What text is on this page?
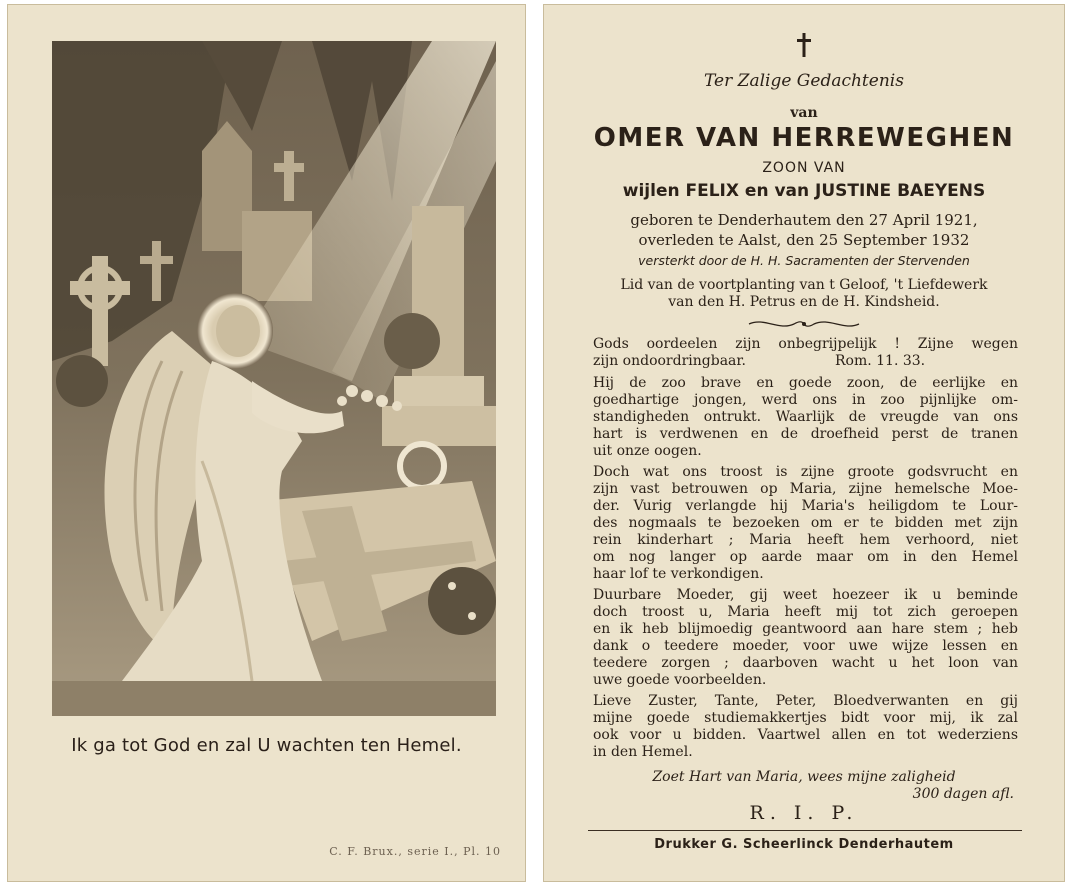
Ik ga tot God en zal U wachten ten Hemel.
C. F. Brux., serie I., Pl. 10
Ter Zalige Gedachtenis
van
OMER VAN HERREWEGHEN
ZOON VAN
wijlen FELIX en van JUSTINE BAEYENS
geboren te Denderhautem den 27 April 1921,
overleden te Aalst, den 25 September 1932
versterkt door de H. H. Sacramenten der Stervenden
Lid van de voortplanting van t Geloof, 't Liefdewerk
van den H. Petrus en de H. Kindsheid.
Gods oordeelen zijn onbegrijpelijk ! Zijne wegen
zijn ondoordringbaar.                    Rom. 11. 33.
Hij de zoo brave en goede zoon, de eerlijke en
goedhartige jongen, werd ons in zoo pijnlijke om-
standigheden ontrukt. Waarlijk de vreugde van ons
hart is verdwenen en de droefheid perst de tranen
uit onze oogen.
Doch wat ons troost is zijne groote godsvrucht en
zijn vast betrouwen op Maria, zijne hemelsche Moe-
der. Vurig verlangde hij Maria's heiligdom te Lour-
des nogmaals te bezoeken om er te bidden met zijn
rein kinderhart ; Maria heeft hem verhoord, niet
om nog langer op aarde maar om in den Hemel
haar lof te verkondigen.
Duurbare Moeder, gij weet hoezeer ik u beminde
doch troost u, Maria heeft mij tot zich geroepen
en ik heb blijmoedig geantwoord aan hare stem ; heb
dank o teedere moeder, voor uwe wijze lessen en
teedere zorgen ; daarboven wacht u het loon van
uwe goede voorbeelden.
Lieve Zuster, Tante, Peter, Bloedverwanten en gij
mijne goede studiemakkertjes bidt voor mij, ik zal
ook voor u bidden. Vaartwel allen en tot wederziens
in den Hemel.
Zoet Hart van Maria, wees mijne zaligheid
300 dagen afl.
R. I. P.
Drukker G. Scheerlinck Denderhautem
